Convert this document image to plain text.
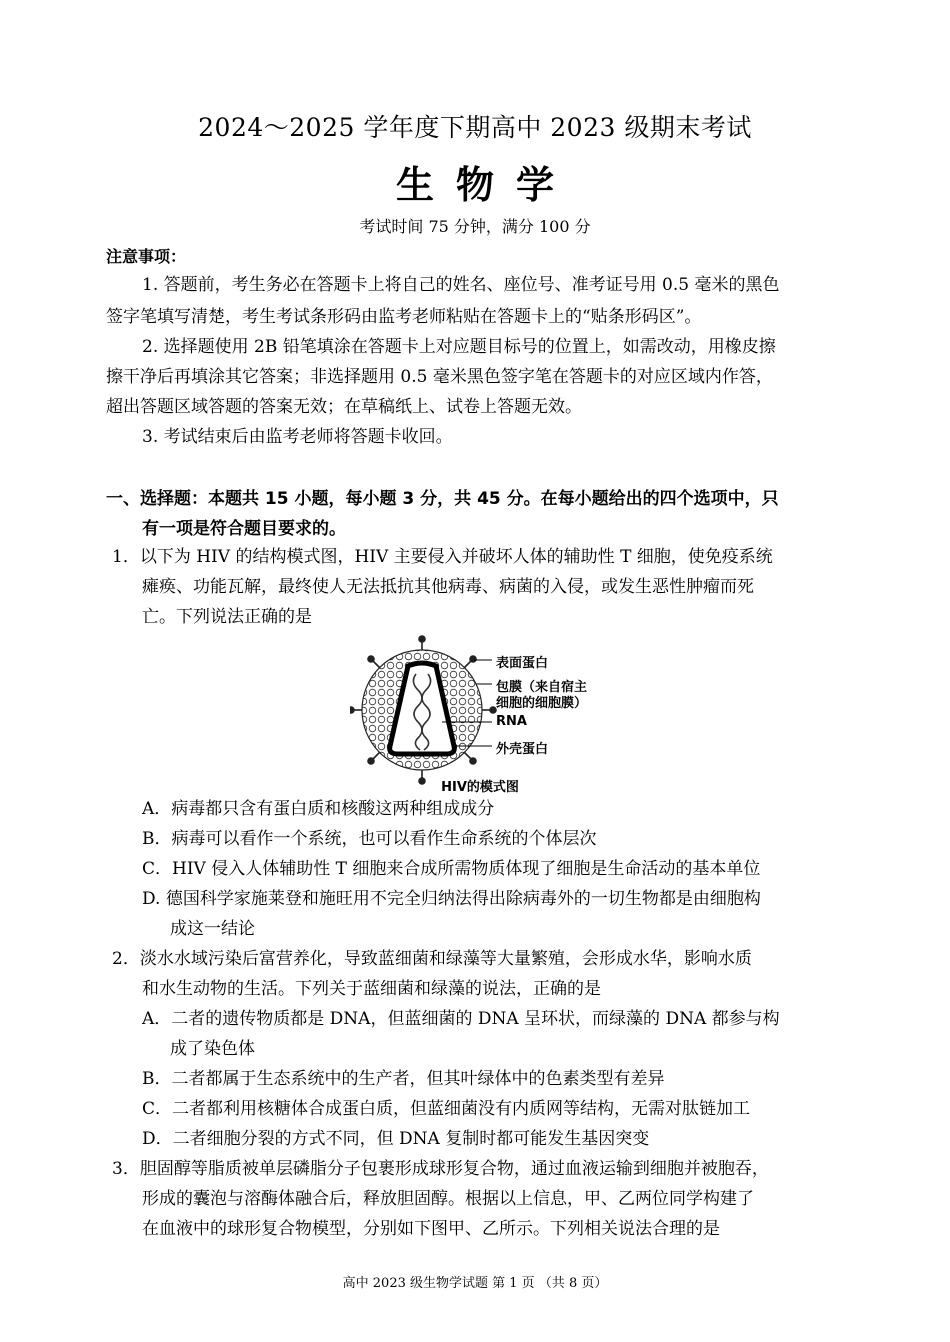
2024～2025 学年度下期高中 2023 级期末考试
生物学
考试时间 75 分钟，满分 100 分
注意事项：
1. 答题前，考生务必在答题卡上将自己的姓名、座位号、准考证号用 0.5 毫米的黑色
签字笔填写清楚，考生考试条形码由监考老师粘贴在答题卡上的“贴条形码区”。
2. 选择题使用 2B 铅笔填涂在答题卡上对应题目标号的位置上，如需改动，用橡皮擦
擦干净后再填涂其它答案；非选择题用 0.5 毫米黑色签字笔在答题卡的对应区域内作答，
超出答题区域答题的答案无效；在草稿纸上、试卷上答题无效。
3. 考试结束后由监考老师将答题卡收回。
一、选择题：本题共 15 小题，每小题 3 分，共 45 分。在每小题给出的四个选项中，只
有一项是符合题目要求的。
1．以下为 HIV 的结构模式图，HIV 主要侵入并破坏人体的辅助性 T 细胞，使免疫系统
瘫痪、功能瓦解，最终使人无法抵抗其他病毒、病菌的入侵，或发生恶性肿瘤而死
亡。下列说法正确的是
表面蛋白
包膜（来自宿主
细胞的细胞膜）
RNA
外壳蛋白
HIV的模式图
A．病毒都只含有蛋白质和核酸这两种组成成分
B．病毒可以看作一个系统，也可以看作生命系统的个体层次
C．HIV 侵入人体辅助性 T 细胞来合成所需物质体现了细胞是生命活动的基本单位
D. 德国科学家施莱登和施旺用不完全归纳法得出除病毒外的一切生物都是由细胞构
成这一结论
2．淡水水域污染后富营养化，导致蓝细菌和绿藻等大量繁殖，会形成水华，影响水质
和水生动物的生活。下列关于蓝细菌和绿藻的说法，正确的是
A．二者的遗传物质都是 DNA，但蓝细菌的 DNA 呈环状，而绿藻的 DNA 都参与构
成了染色体
B．二者都属于生态系统中的生产者，但其叶绿体中的色素类型有差异
C．二者都利用核糖体合成蛋白质，但蓝细菌没有内质网等结构，无需对肽链加工
D．二者细胞分裂的方式不同，但 DNA 复制时都可能发生基因突变
3．胆固醇等脂质被单层磷脂分子包裹形成球形复合物，通过血液运输到细胞并被胞吞，
形成的囊泡与溶酶体融合后，释放胆固醇。根据以上信息，甲、乙两位同学构建了
在血液中的球形复合物模型，分别如下图甲、乙所示。下列相关说法合理的是
高中 2023 级生物学试题 第 1 页 （共 8 页）
